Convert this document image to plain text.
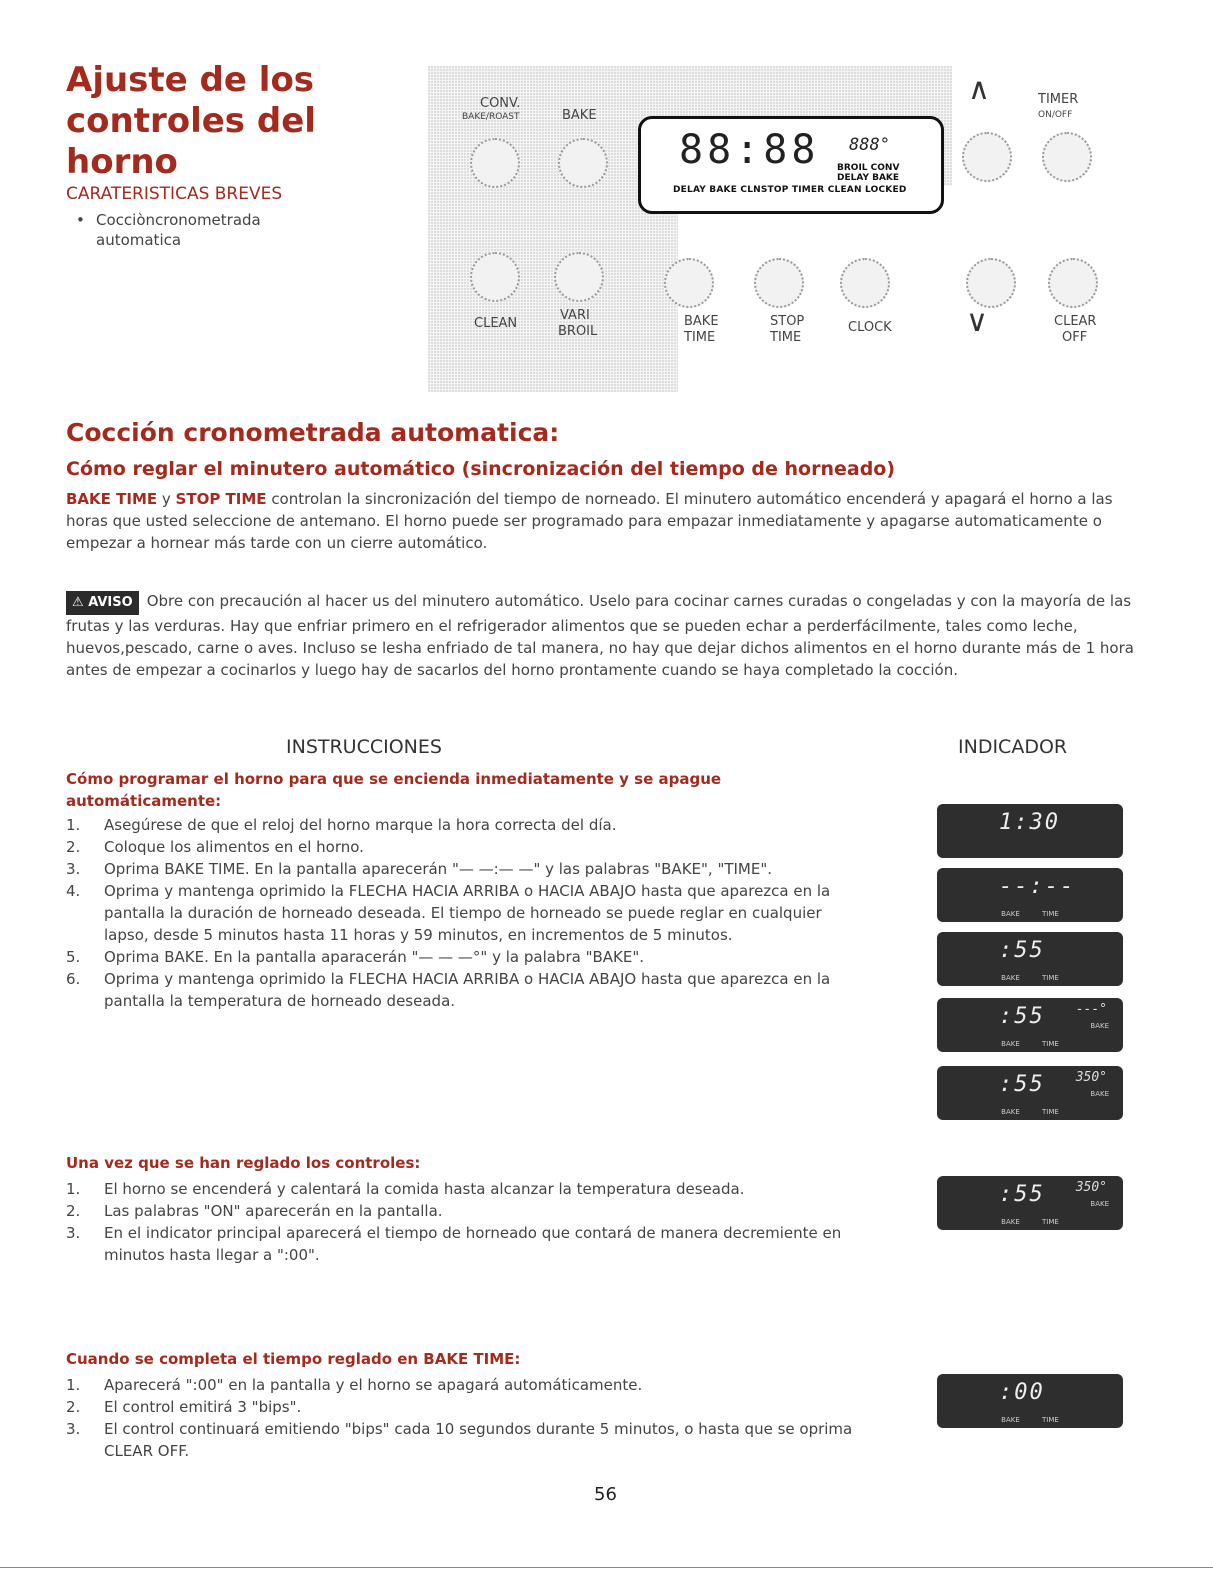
Ajuste de los controles del horno
CARATERISTICAS BREVES
• Cocciòncronometrada automatica
CONV.
BAKE/ROAST	BAKE
CLEAN
VARI
BROIL
88:88 888°
BROIL CONV
DELAY BAKE
DELAY BAKE CLNSTOP TIMER CLEAN LOCKED
∧	TIMER
ON/OFF
BAKE
TIME
STOP
TIME
CLOCK ∨	CLEAR
OFF
Cocción cronometrada automatica:
Cómo reglar el minutero automático (sincronización del tiempo de horneado)
BAKE TIME y STOP TIME controlan la sincronización del tiempo de norneado. El minutero automático encenderá y apagará el horno a las horas que usted seleccione de antemano. El horno puede ser programado para empazar inmediatamente y apagarse automaticamente o empezar a hornear más tarde con un cierre automático.
⚠ AVISO Obre con precaución al hacer us del minutero automático. Uselo para cocinar carnes curadas o congeladas y con la mayoría de las frutas y las verduras. Hay que enfriar primero en el refrigerador alimentos que se pueden echar a perderfácilmente, tales como leche, huevos,pescado, carne o aves. Incluso se lesha enfriado de tal manera, no hay que dejar dichos alimentos en el horno durante más de 1 hora antes de empezar a cocinarlos y luego hay de sacarlos del horno prontamente cuando se haya completado la cocción.
INSTRUCCIONES	INDICADOR
Cómo programar el horno para que se encienda inmediatamente y se apague automáticamente:
1. Asegúrese de que el reloj del horno marque la hora correcta del día.
2. Coloque los alimentos en el horno.
3. Oprima BAKE TIME. En la pantalla aparecerán "— —:— —" y las palabras "BAKE", "TIME".
4. Oprima y mantenga oprimido la FLECHA HACIA ARRIBA o HACIA ABAJO hasta que aparezca en la pantalla la duración de horneado deseada. El tiempo de horneado se puede reglar en cualquier lapso, desde 5 minutos hasta 11 horas y 59 minutos, en incrementos de 5 minutos.
5. Oprima BAKE. En la pantalla aparacerán "— — —°" y la palabra "BAKE".
6. Oprima y mantenga oprimido la FLECHA HACIA ARRIBA o HACIA ABAJO hasta que aparezca en la pantalla la temperatura de horneado deseada.
Una vez que se han reglado los controles:
1. El horno se encenderá y calentará la comida hasta alcanzar la temperatura deseada.
2. Las palabras "ON" aparecerán en la pantalla.
3. En el indicator principal aparecerá el tiempo de horneado que contará de manera decremiente en minutos hasta llegar a ":00".
Cuando se completa el tiempo reglado en BAKE TIME:
1. Aparecerá ":00" en la pantalla y el horno se apagará automáticamente.
2. El control emitirá 3 "bips".
3. El control continuará emitiendo "bips" cada 10 segundos durante 5 minutos, o hasta que se oprima CLEAR OFF.
1:30
--:--
BAKE TIME
:55
BAKE TIME
:55 ---°
BAKE TIME
BAKE
:55 350°
BAKE TIME
BAKE
:55 350°
BAKE TIME
BAKE
:00
BAKE TIME
56
